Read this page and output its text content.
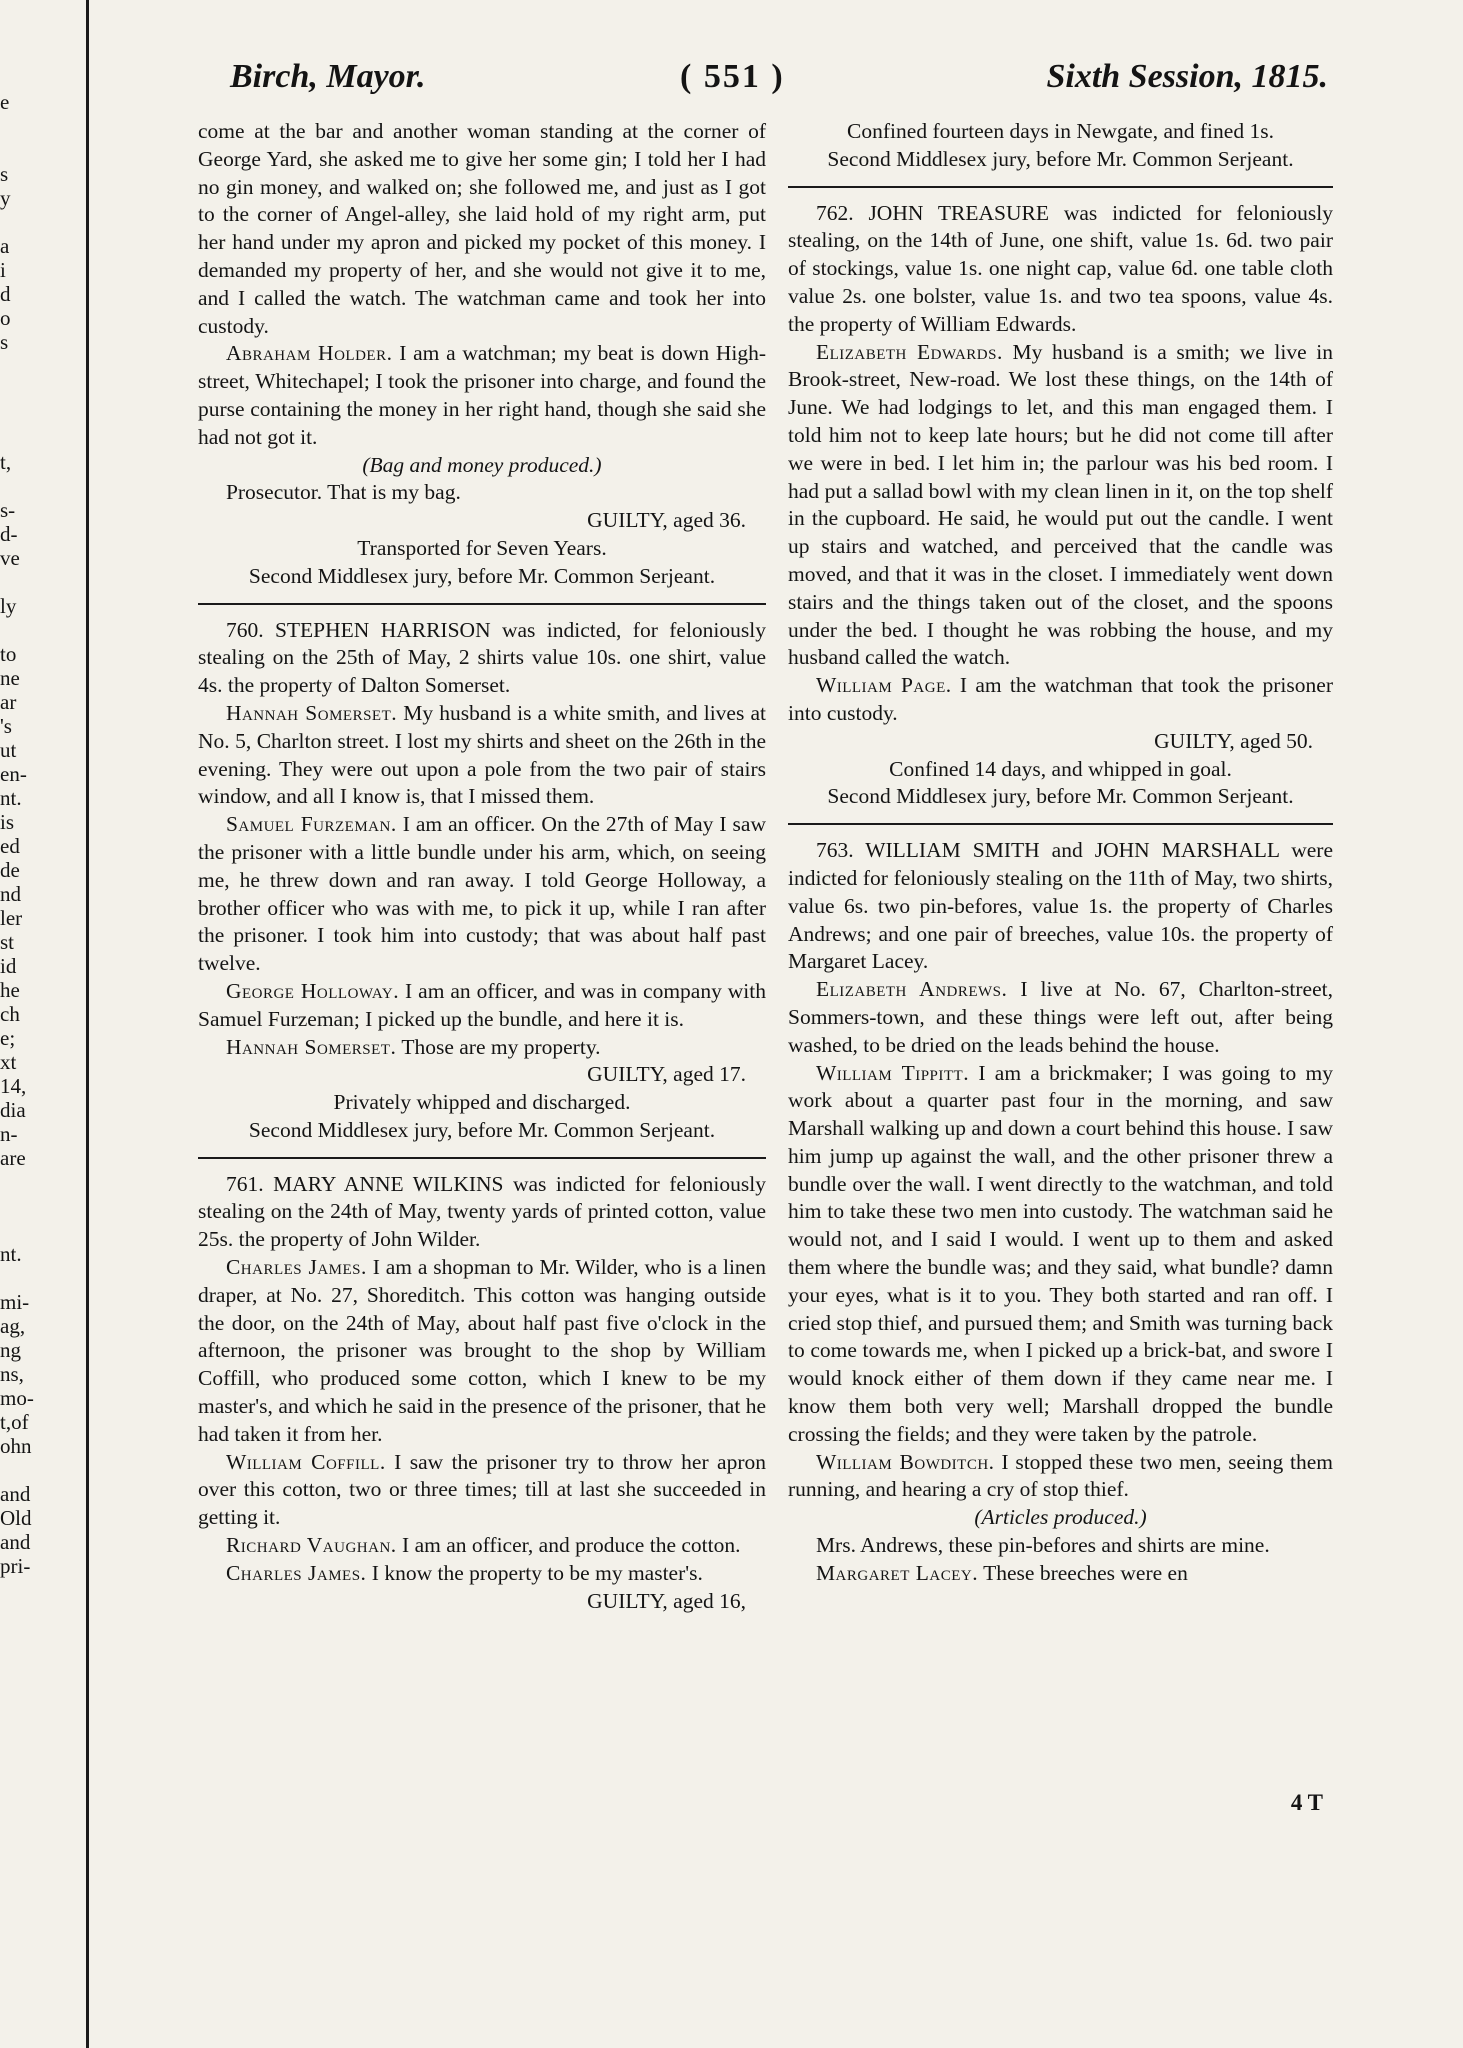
e
s
y
a
i
d
o
s
t,
s-
d-
ve
ly
to
ne
ar
's
ut
en-
nt.
is
ed
de
nd
ler
st
id
he
ch
e;
xt
14,
dia
n-
are
nt.
mi-
ag,
ng
ns,
mo-
t,of
ohn
and
Old
and
pri-
Birch, Mayor.	( 551 )	Sixth Session, 1815.

come at the bar and another woman standing at the corner of George Yard, she asked me to give her some gin; I told her I had no gin money, and walked on; she followed me, and just as I got to the corner of Angel-alley, she laid hold of my right arm, put her hand under my apron and picked my pocket of this money. I demanded my property of her, and she would not give it to me, and I called the watch. The watchman came and took her into custody.

Abraham Holder. I am a watchman; my beat is down High-street, Whitechapel; I took the prisoner into charge, and found the purse containing the money in her right hand, though she said she had not got it.

(Bag and money produced.)

Prosecutor. That is my bag.

GUILTY, aged 36.

Transported for Seven Years.

Second Middlesex jury, before Mr. Common Serjeant.

760. STEPHEN HARRISON was indicted, for feloniously stealing on the 25th of May, 2 shirts value 10s. one shirt, value 4s. the property of Dalton Somerset.

Hannah Somerset. My husband is a white smith, and lives at No. 5, Charlton street. I lost my shirts and sheet on the 26th in the evening. They were out upon a pole from the two pair of stairs window, and all I know is, that I missed them.

Samuel Furzeman. I am an officer. On the 27th of May I saw the prisoner with a little bundle under his arm, which, on seeing me, he threw down and ran away. I told George Holloway, a brother officer who was with me, to pick it up, while I ran after the prisoner. I took him into custody; that was about half past twelve.

George Holloway. I am an officer, and was in company with Samuel Furzeman; I picked up the bundle, and here it is.

Hannah Somerset. Those are my property.

GUILTY, aged 17.

Privately whipped and discharged.

Second Middlesex jury, before Mr. Common Serjeant.

761. MARY ANNE WILKINS was indicted for feloniously stealing on the 24th of May, twenty yards of printed cotton, value 25s. the property of John Wilder.

Charles James. I am a shopman to Mr. Wilder, who is a linen draper, at No. 27, Shoreditch. This cotton was hanging outside the door, on the 24th of May, about half past five o'clock in the afternoon, the prisoner was brought to the shop by William Coffill, who produced some cotton, which I knew to be my master's, and which he said in the presence of the prisoner, that he had taken it from her.

William Coffill. I saw the prisoner try to throw her apron over this cotton, two or three times; till at last she succeeded in getting it.

Richard Vaughan. I am an officer, and produce the cotton.

Charles James. I know the property to be my master's.

GUILTY, aged 16,

Confined fourteen days in Newgate, and fined 1s.

Second Middlesex jury, before Mr. Common Serjeant.

762. JOHN TREASURE was indicted for feloniously stealing, on the 14th of June, one shift, value 1s. 6d. two pair of stockings, value 1s. one night cap, value 6d. one table cloth value 2s. one bolster, value 1s. and two tea spoons, value 4s. the property of William Edwards.

Elizabeth Edwards. My husband is a smith; we live in Brook-street, New-road. We lost these things, on the 14th of June. We had lodgings to let, and this man engaged them. I told him not to keep late hours; but he did not come till after we were in bed. I let him in; the parlour was his bed room. I had put a sallad bowl with my clean linen in it, on the top shelf in the cupboard. He said, he would put out the candle. I went up stairs and watched, and perceived that the candle was moved, and that it was in the closet. I immediately went down stairs and the things taken out of the closet, and the spoons under the bed. I thought he was robbing the house, and my husband called the watch.

William Page. I am the watchman that took the prisoner into custody.

GUILTY, aged 50.

Confined 14 days, and whipped in goal.

Second Middlesex jury, before Mr. Common Serjeant.

763. WILLIAM SMITH and JOHN MARSHALL were indicted for feloniously stealing on the 11th of May, two shirts, value 6s. two pin-befores, value 1s. the property of Charles Andrews; and one pair of breeches, value 10s. the property of Margaret Lacey.

Elizabeth Andrews. I live at No. 67, Charlton-street, Sommers-town, and these things were left out, after being washed, to be dried on the leads behind the house.

William Tippitt. I am a brickmaker; I was going to my work about a quarter past four in the morning, and saw Marshall walking up and down a court behind this house. I saw him jump up against the wall, and the other prisoner threw a bundle over the wall. I went directly to the watchman, and told him to take these two men into custody. The watchman said he would not, and I said I would. I went up to them and asked them where the bundle was; and they said, what bundle? damn your eyes, what is it to you. They both started and ran off. I cried stop thief, and pursued them; and Smith was turning back to come towards me, when I picked up a brick-bat, and swore I would knock either of them down if they came near me. I know them both very well; Marshall dropped the bundle crossing the fields; and they were taken by the patrole.

William Bowditch. I stopped these two men, seeing them running, and hearing a cry of stop thief.

(Articles produced.)

Mrs. Andrews, these pin-befores and shirts are mine.

Margaret Lacey. These breeches were en

4 T
